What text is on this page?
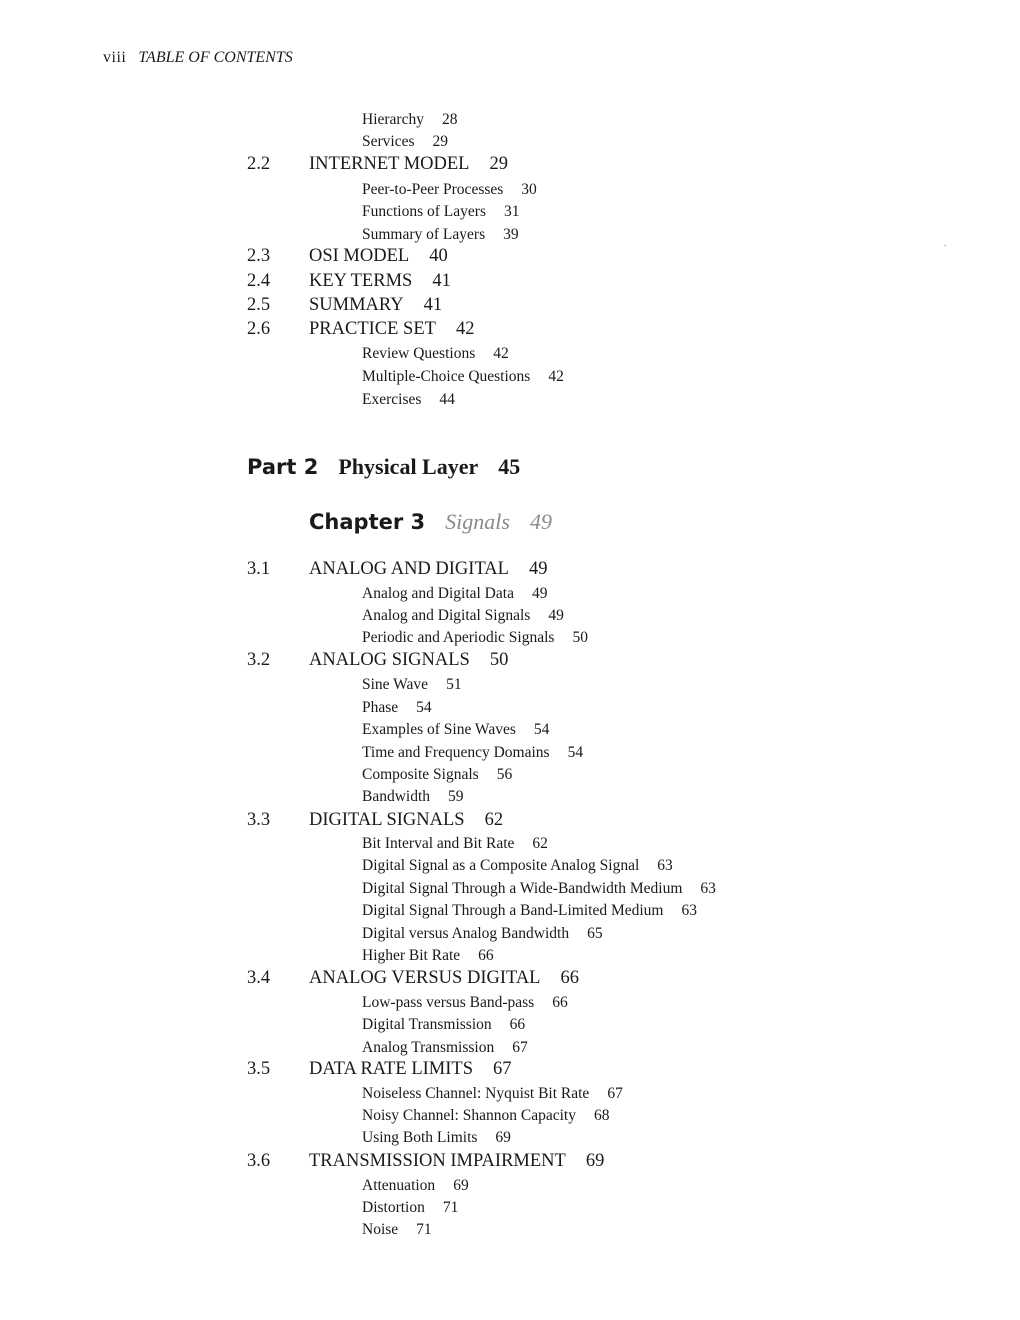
viii TABLE OF CONTENTS
Hierarchy 28
Services 29
2.2 INTERNET MODEL 29
Peer-to-Peer Processes 30
Functions of Layers 31
Summary of Layers 39
2.3 OSI MODEL 40
2.4 KEY TERMS 41
2.5 SUMMARY 41
2.6 PRACTICE SET 42
Review Questions 42
Multiple-Choice Questions 42
Exercises 44
Part 2 Physical Layer 45
Chapter 3 Signals 49
3.1 ANALOG AND DIGITAL 49
Analog and Digital Data 49
Analog and Digital Signals 49
Periodic and Aperiodic Signals 50
3.2 ANALOG SIGNALS 50
Sine Wave 51
Phase 54
Examples of Sine Waves 54
Time and Frequency Domains 54
Composite Signals 56
Bandwidth 59
3.3 DIGITAL SIGNALS 62
Bit Interval and Bit Rate 62
Digital Signal as a Composite Analog Signal 63
Digital Signal Through a Wide-Bandwidth Medium 63
Digital Signal Through a Band-Limited Medium 63
Digital versus Analog Bandwidth 65
Higher Bit Rate 66
3.4 ANALOG VERSUS DIGITAL 66
Low-pass versus Band-pass 66
Digital Transmission 66
Analog Transmission 67
3.5 DATA RATE LIMITS 67
Noiseless Channel: Nyquist Bit Rate 67
Noisy Channel: Shannon Capacity 68
Using Both Limits 69
3.6 TRANSMISSION IMPAIRMENT 69
Attenuation 69
Distortion 71
Noise 71
